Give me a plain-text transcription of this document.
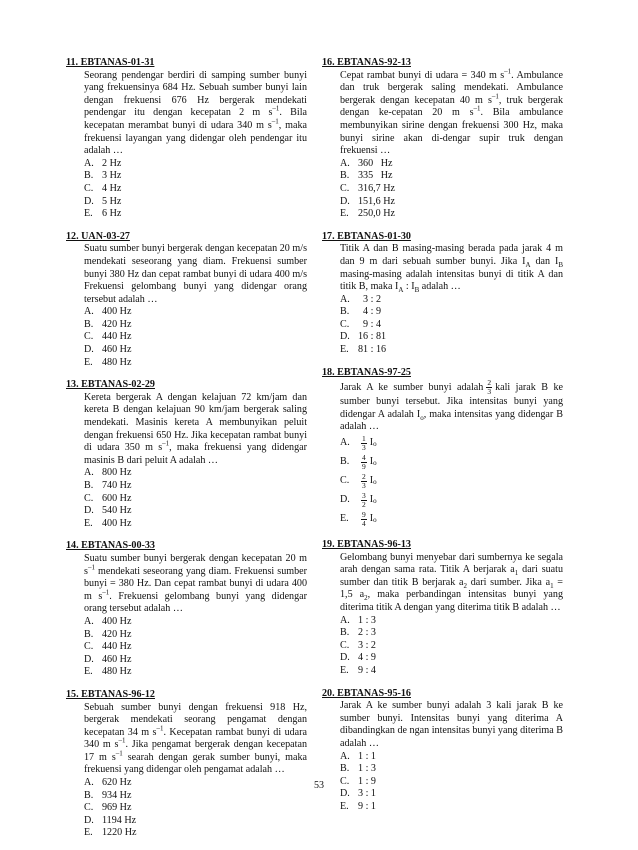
11. EBTANAS-01-31
Seorang pendengar berdiri di samping sumber bunyi yang frekuensinya 684 Hz. Sebuah sumber bunyi lain dengan frekuensi 676 Hz bergerak mendekati pendengar itu dengan kecepatan 2 m $s^{-1}$. Bila kecepatan merambat bunyi di udara 340 m $s^{-1}$, maka frekuensi layangan yang didengar oleh pendengar itu adalah …
A. 2 Hz
B. 3 Hz
C. 4 Hz
D. 5 Hz
E. 6 Hz
12. UAN-03-27
Suatu sumber bunyi bergerak dengan kecepatan 20 m/s mendekati seseorang yang diam. Frekuensi sumber bunyi 380 Hz dan cepat rambat bunyi di udara 400 m/s Frekuensi gelombang bunyi yang didengar orang tersebut adalah …
A. 400 Hz
B. 420 Hz
C. 440 Hz
D. 460 Hz
E. 480 Hz
13. EBTANAS-02-29
Kereta bergerak A dengan kelajuan 72 km/jam dan kereta B dengan kelajuan 90 km/jam bergerak saling mendekati. Masinis kereta A membunyikan peluit dengan frekuensi 650 Hz. Jika kecepatan rambat bunyi di udara 350 m $s^{-1}$, maka frekuensi yang didengar masinis B dari peluit A adalah …
A. 800 Hz
B. 740 Hz
C. 600 Hz
D. 540 Hz
E. 400 Hz
14. EBTANAS-00-33
Suatu sumber bunyi bergerak dengan kecepatan 20 m $s^{-1}$ mendekati seseorang yang diam. Frekuensi sumber bunyi = 380 Hz. Dan cepat rambat bunyi di udara 400 m $s^{-1}$. Frekuensi gelombang bunyi yang didengar orang tersebut adalah …
A. 400 Hz
B. 420 Hz
C. 440 Hz
D. 460 Hz
E. 480 Hz
15. EBTANAS-96-12
Sebuah sumber bunyi dengan frekuensi 918 Hz, bergerak mendekati seorang pengamat dengan kecepatan 34 m $s^{-1}$. Kecepatan rambat bunyi di udara 340 m $s^{-1}$. Jika pengamat bergerak dengan kecepatan 17 m $s^{-1}$ searah dengan gerak sumber bunyi, maka frekuensi yang didengar oleh pengamat adalah …
A. 620 Hz
B. 934 Hz
C. 969 Hz
D. 1194 Hz
E. 1220 Hz
16. EBTANAS-92-13
Cepat rambat bunyi di udara = 340 m $s^{-1}$. Ambulance dan truk bergerak saling mendekati. Ambulance bergerak dengan kecepatan 40 m $s^{-1}$, truk bergerak dengan ke-cepatan 20 m $s^{-1}$. Bila ambulance membunyikan sirine dengan frekuensi 300 Hz, maka bunyi sirine akan di-dengar supir truk dengan frekuensi …
A. 360   Hz
B. 335   Hz
C. 316,7 Hz
D. 151,6 Hz
E. 250,0 Hz
17. EBTANAS-01-30
Titik A dan B masing-masing berada pada jarak 4 m dan 9 m dari sebuah sumber bunyi. Jika $I_A$ dan $I_B$ masing-masing adalah intensitas bunyi di titik A dan titik B, maka $I_A$ : $I_B$ adalah …
A. 3 : 2
B. 4 : 9
C. 9 : 4
D. 16 : 81
E. 81 : 16
18. EBTANAS-97-25
Jarak A ke sumber bunyi adalah $\frac{2}{3}$ kali jarak B ke sumber bunyi tersebut. Jika intensitas bunyi yang didengar A adalah $I_o$, maka intensitas yang didengar B adalah …
A.	$\frac{1}{3}$ I o
B.	$\frac{4}{9}$ I o
C.	$\frac{2}{3}$ I o
D.	$\frac{3}{2}$ I o
E.	$\frac{9}{4}$ I o
19. EBTANAS-96-13
Gelombang bunyi menyebar dari sumbernya ke segala arah dengan sama rata. Titik A berjarak $a_1$ dari suatu sumber dan titik B berjarak $a_2$ dari sumber. Jika $a_1 = 1,5$ $a_2$, maka perbandingan intensitas bunyi yang diterima titik A dengan yang diterima titik B adalah …
A. 1 : 3
B. 2 : 3
C. 3 : 2
D. 4 : 9
E. 9 : 4
20. EBTANAS-95-16
Jarak A ke sumber bunyi adalah 3 kali jarak B ke sumber bunyi. Intensitas bunyi yang diterima A dibandingkan de ngan intensitas bunyi yang diterima B adalah …
A. 1 : 1
B. 1 : 3
C. 1 : 9
D. 3 : 1
E. 9 : 1
53
